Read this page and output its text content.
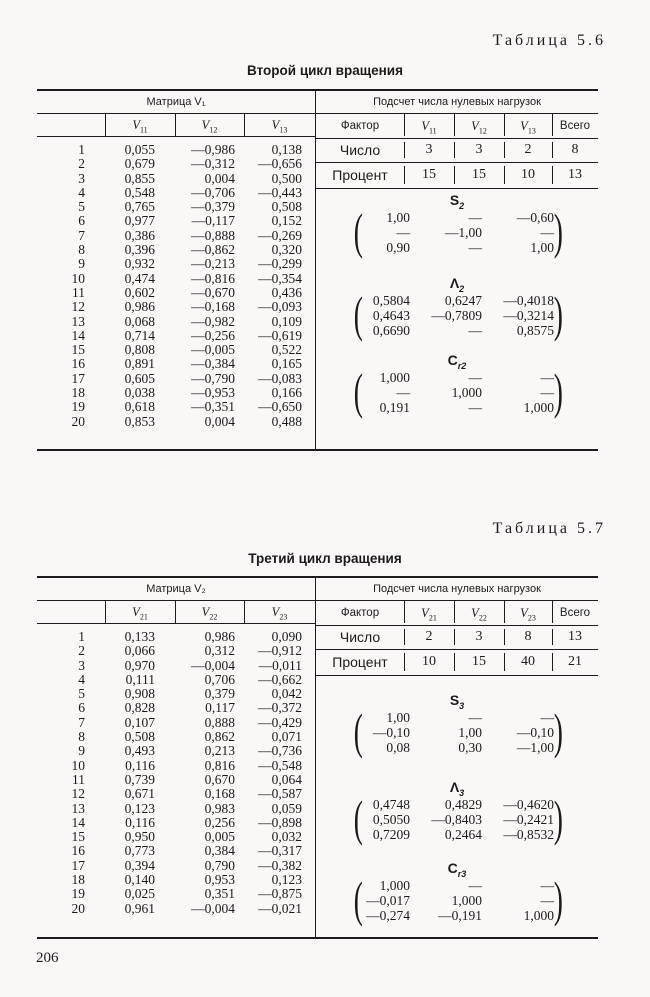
206
Таблица 5.6
Второй цикл вращения
Матрица V₁
$V_{11}$	$V_{12}$	$V_{13}$
1	0,055	—0,986	0,138
2	0,679	—0,312	—0,656
3	0,855	0,004	0,500
4	0,548	—0,706	—0,443
5	0,765	—0,379	0,508
6	0,977	—0,117	0,152
7	0,386	—0,888	—0,269
8	0,396	—0,862	0,320
9	0,932	—0,213	—0,299
10	0,474	—0,816	—0,354
11	0,602	—0,670	0,436
12	0,986	—0,168	—0,093
13	0,068	—0,982	0,109
14	0,714	—0,256	—0,619
15	0,808	—0,005	0,522
16	0,891	—0,384	0,165
17	0,605	—0,790	—0,083
18	0,038	—0,953	0,166
19	0,618	—0,351	—0,650
20	0,853	0,004	0,488
Подсчет числа нулевых нагрузок
Фактор	$V_{11}$	$V_{12}$	$V_{13}$	Всего
Число	3	3	2	8
Процент	15	15	10	13
$S_2$
(	)
1,00	—	—0,60
—	—1,00	—
0,90	—	1,00
$\Lambda_2$
(	)
0,5804	0,6247	—0,4018
0,4643	—0,7809	—0,3214
0,6690	—	0,8575
$C_{r2}$
(	)
1,000	—	—
—	1,000	—
0,191	—	1,000
Таблица 5.7
Третий цикл вращения
Матрица V₂
$V_{21}$	$V_{22}$	$V_{23}$
1	0,133	0,986	0,090
2	0,066	0,312	—0,912
3	0,970	—0,004	—0,011
4	0,111	0,706	—0,662
5	0,908	0,379	0,042
6	0,828	0,117	—0,372
7	0,107	0,888	—0,429
8	0,508	0,862	0,071
9	0,493	0,213	—0,736
10	0,116	0,816	—0,548
11	0,739	0,670	0,064
12	0,671	0,168	—0,587
13	0,123	0,983	0,059
14	0,116	0,256	—0,898
15	0,950	0,005	0,032
16	0,773	0,384	—0,317
17	0,394	0,790	—0,382
18	0,140	0,953	0,123
19	0,025	0,351	—0,875
20	0,961	—0,004	—0,021
Подсчет числа нулевых нагрузок
Фактор	$V_{21}$	$V_{22}$	$V_{23}$	Всего
Число	2	3	8	13
Процент	10	15	40	21
$S_3$
(	)
1,00	—	—
—0,10	1,00	—0,10
0,08	0,30	—1,00
$\Lambda_3$
(	)
0,4748	0,4829	—0,4620
0,5050	—0,8403	—0,2421
0,7209	0,2464	—0,8532
$C_{r3}$
(	)
1,000	—	—
—0,017	1,000	—
—0,274	—0,191	1,000
